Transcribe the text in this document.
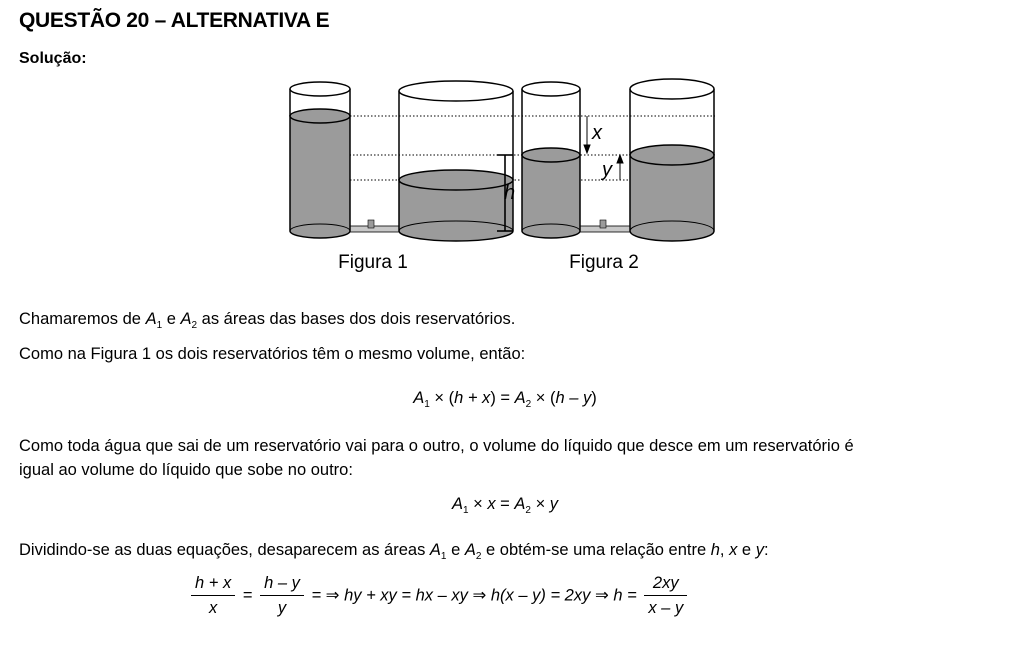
QUESTÃO 20 – ALTERNATIVA E
Solução:
x
y
h
Figura 1	Figura 2
Chamaremos de $A_1$ e $A_2$ as áreas das bases dos dois reservatórios.
Como na Figura 1 os dois reservatórios têm o mesmo volume, então:
$A_1 \times (h + x) = A_2 \times (h - y)$
Como toda água que sai de um reservatório vai para o outro, o volume do líquido que desce em um reservatório é
igual ao volume do líquido que sobe no outro:
$A_1 \times x = A_2 \times y$
Dividindo-se as duas equações, desaparecem as áreas $A_1$ e $A_2$ e obtém-se uma relação entre h, x e y:
$\frac{h + x}{x} = \frac{h - y}{y}$ = ⇒ hy + xy = hx – xy ⇒ h(x – y) = 2xy ⇒ $h = \frac{2xy}{x - y}$
